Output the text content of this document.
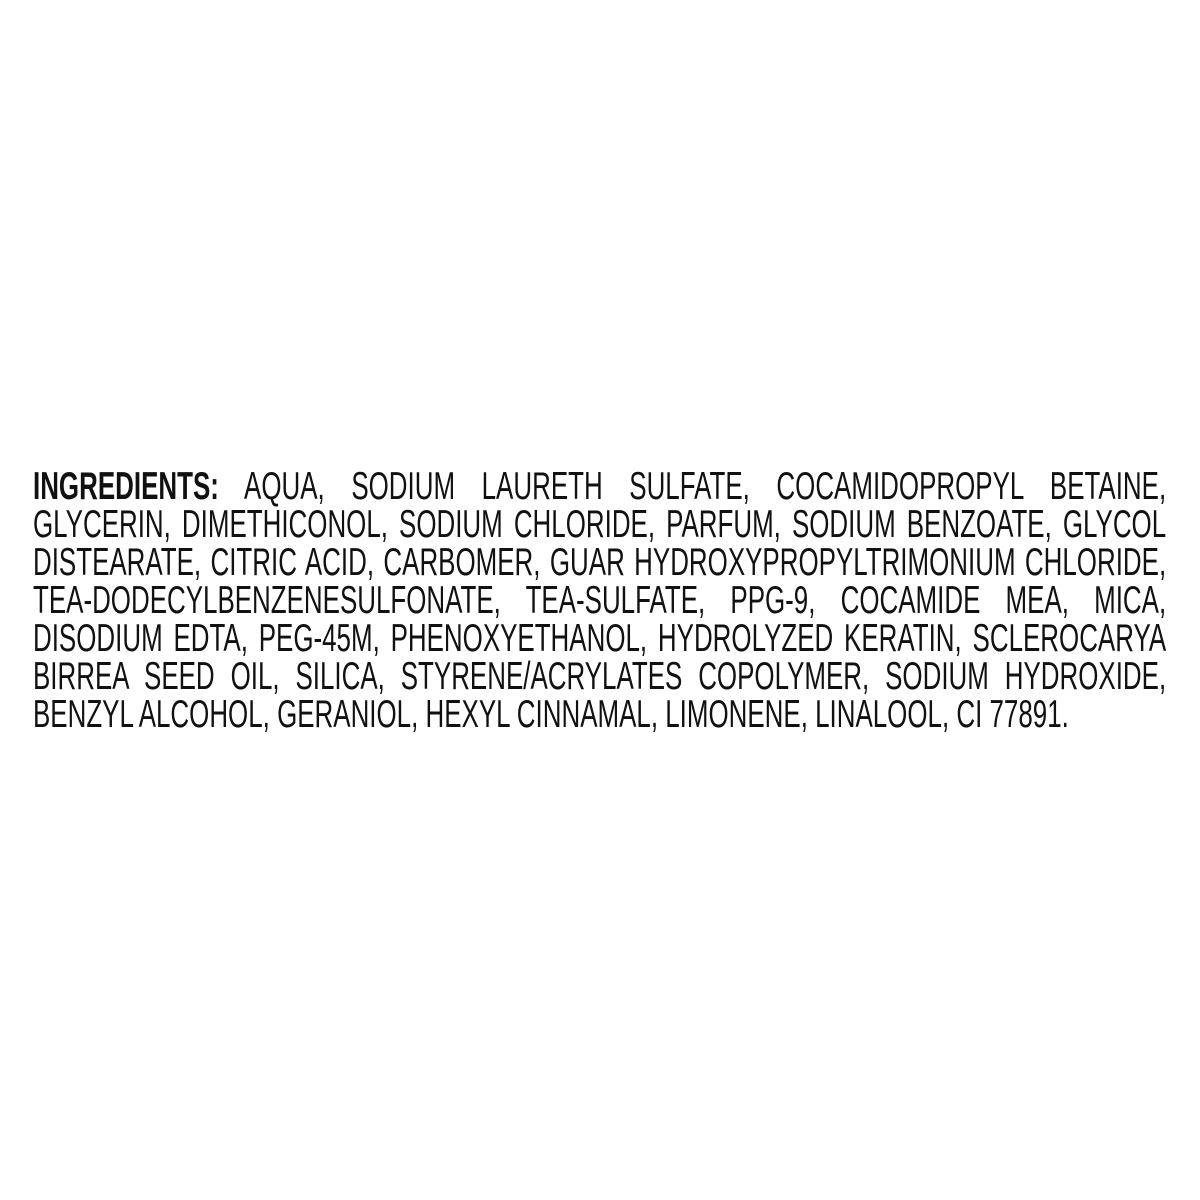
INGREDIENTS: AQUA, SODIUM LAURETH SULFATE, COCAMIDOPROPYL BETAINE,
GLYCERIN, DIMETHICONOL, SODIUM CHLORIDE, PARFUM, SODIUM BENZOATE, GLYCOL
DISTEARATE, CITRIC ACID, CARBOMER, GUAR HYDROXYPROPYLTRIMONIUM CHLORIDE,
TEA-DODECYLBENZENESULFONATE, TEA-SULFATE, PPG-9, COCAMIDE MEA, MICA,
DISODIUM EDTA, PEG-45M, PHENOXYETHANOL, HYDROLYZED KERATIN, SCLEROCARYA
BIRREA SEED OIL, SILICA, STYRENE/ACRYLATES COPOLYMER, SODIUM HYDROXIDE,
BENZYL ALCOHOL, GERANIOL, HEXYL CINNAMAL, LIMONENE, LINALOOL, CI 77891.
